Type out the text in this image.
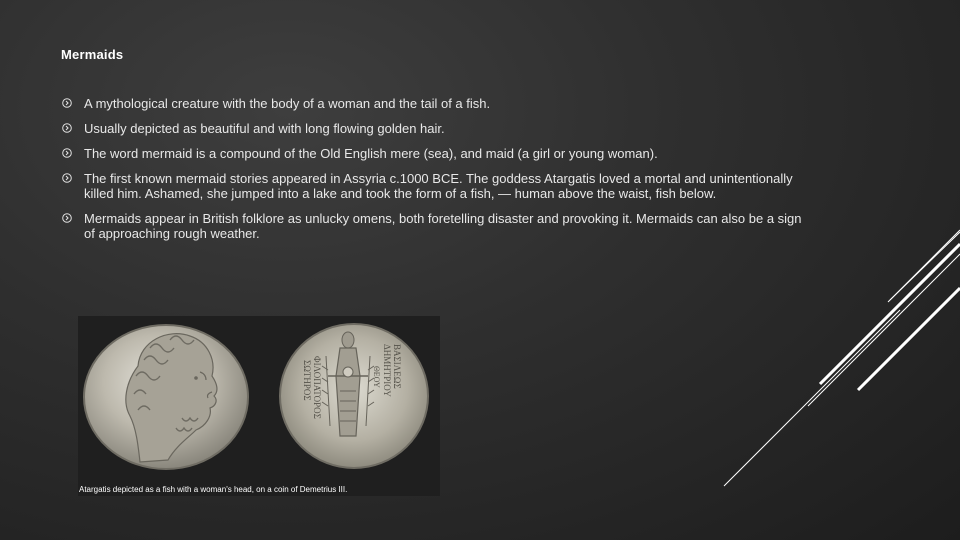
Mermaids
A mythological creature with the body of a woman and the tail of a fish.
Usually depicted as beautiful and with long flowing golden hair.
The word mermaid is a compound of the Old English mere (sea), and maid (a girl or young woman).
The first known mermaid stories appeared in Assyria c.1000 BCE. The goddess Atargatis loved a mortal and unintentionally killed him. Ashamed, she jumped into a lake and took the form of a fish, — human above the waist, fish below.
Mermaids appear in British folklore as unlucky omens, both foretelling disaster and provoking it. Mermaids can also be a sign of approaching rough weather.
ΒΑΣΙΛΕΩΣ
ΔΗΜΗΤΡΙΟΥ
ΘΕΟΥ
ΦΙΛΟΠΑΤΟΡΟΣ
ΣΩΤΗΡΟΣ
Atargatis depicted as a fish with a woman's head, on a coin of Demetrius III.
